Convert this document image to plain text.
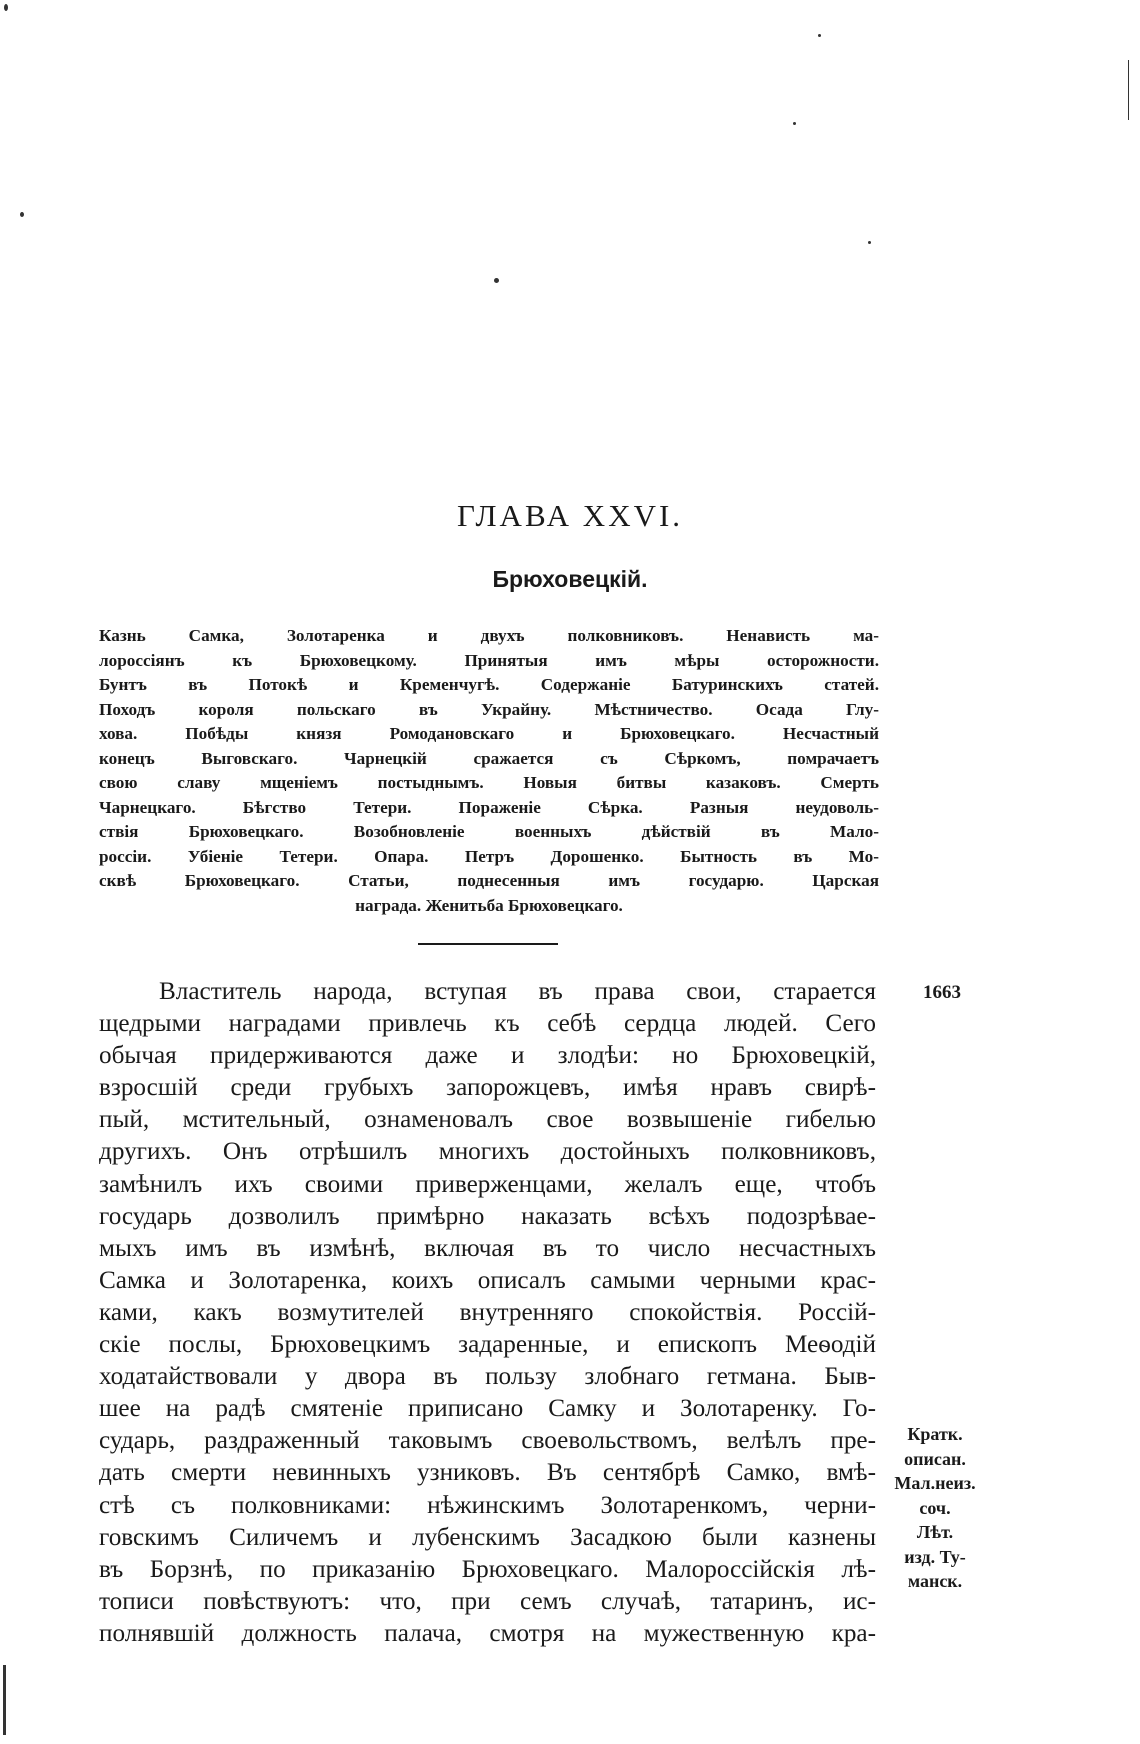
ГЛАВА XXVI.
Брюховецкій.
Казнь Самка, Золотаренка и двухъ полковниковъ. Ненависть ма-
лороссіянъ къ Брюховецкому. Принятыя имъ мѣры осторожности.
Бунтъ въ Потокѣ и Кременчугѣ. Содержаніе Батуринскихъ статей.
Походъ короля польскаго въ Украйну. Мѣстничество. Осада Глу-
хова. Побѣды князя Ромодановскаго и Брюховецкаго. Несчастный
конецъ Выговскаго. Чарнецкій сражается съ Сѣркомъ, помрачаетъ
свою славу мщеніемъ постыднымъ. Новыя битвы казаковъ. Смерть
Чарнецкаго. Бѣгство Тетери. Пораженіе Сѣрка. Разныя неудоволь-
ствія Брюховецкаго. Возобновленіе военныхъ дѣйствій въ Мало-
россіи. Убіеніе Тетери. Опара. Петръ Дорошенко. Бытность въ Мо-
сквѣ Брюховецкаго. Статьи, поднесенныя имъ государю. Царская
награда. Женитьба Брюховецкаго.
Властитель народа, вступая въ права свои, старается
щедрыми наградами привлечь къ себѣ сердца людей. Сего
обычая придерживаются даже и злодѣи: но Брюховецкій,
взросшій среди грубыхъ запорожцевъ, имѣя нравъ свирѣ-
пый, мстительный, ознаменовалъ свое возвышеніе гибелью
другихъ. Онъ отрѣшилъ многихъ достойныхъ полковниковъ,
замѣнилъ ихъ своими приверженцами, желалъ еще, чтобъ
государь дозволилъ примѣрно наказать всѣхъ подозрѣвае-
мыхъ имъ въ измѣнѣ, включая въ то число несчастныхъ
Самка и Золотаренка, коихъ описалъ самыми черными крас-
ками, какъ возмутителей внутренняго спокойствія. Россій-
скіе послы, Брюховецкимъ задаренные, и епископъ Меѳодій
ходатайствовали у двора въ пользу злобнаго гетмана. Быв-
шее на радѣ смятеніе приписано Самку и Золотаренку. Го-
сударь, раздраженный таковымъ своевольствомъ, велѣлъ пре-
дать смерти невинныхъ узниковъ. Въ сентябрѣ Самко, вмѣ-
стѣ съ полковниками: нѣжинскимъ Золотаренкомъ, черни-
говскимъ Силичемъ и лубенскимъ Засадкою были казнены
въ Борзнѣ, по приказанію Брюховецкаго. Малороссійскія лѣ-
тописи повѣствуютъ: что, при семъ случаѣ, татаринъ, ис-
полнявшій должность палача, смотря на мужественную кра-
1663
Кратк.
описан.
Мал.неиз.
соч.
Лѣт.
изд. Ту-
манск.
